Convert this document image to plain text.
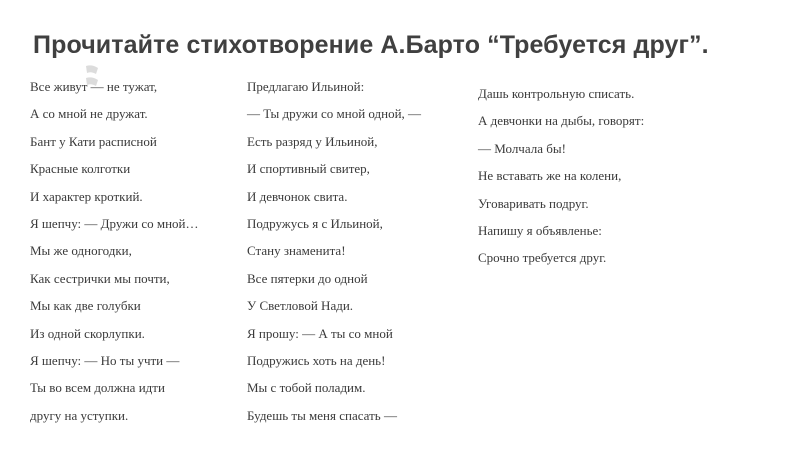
Прочитайте стихотворение А.Барто “Требуется друг”.
Все живут — не тужат,
А со мной не дружат.
Бант у Кати расписной
Красные колготки
И характер кроткий.
Я шепчу: — Дружи со мной…
Мы же одногодки,
Как сестрички мы почти,
Мы как две голубки
Из одной скорлупки.
Я шепчу: — Но ты учти —
Ты во всем должна идти
другу на уступки.
Предлагаю Ильиной:
— Ты дружи со мной одной, —
Есть разряд у Ильиной,
И спортивный свитер,
И девчонок свита.
Подружусь я с Ильиной,
Стану знаменита!
Все пятерки до одной
У Светловой Нади.
Я прошу: — А ты со мной
Подружись хоть на день!
Мы с тобой поладим.
Будешь ты меня спасать —
Дашь контрольную списать.
А девчонки на дыбы, говорят:
— Молчала бы!
Не вставать же на колени,
Уговаривать подруг.
Напишу я объявленье:
Срочно требуется друг.
